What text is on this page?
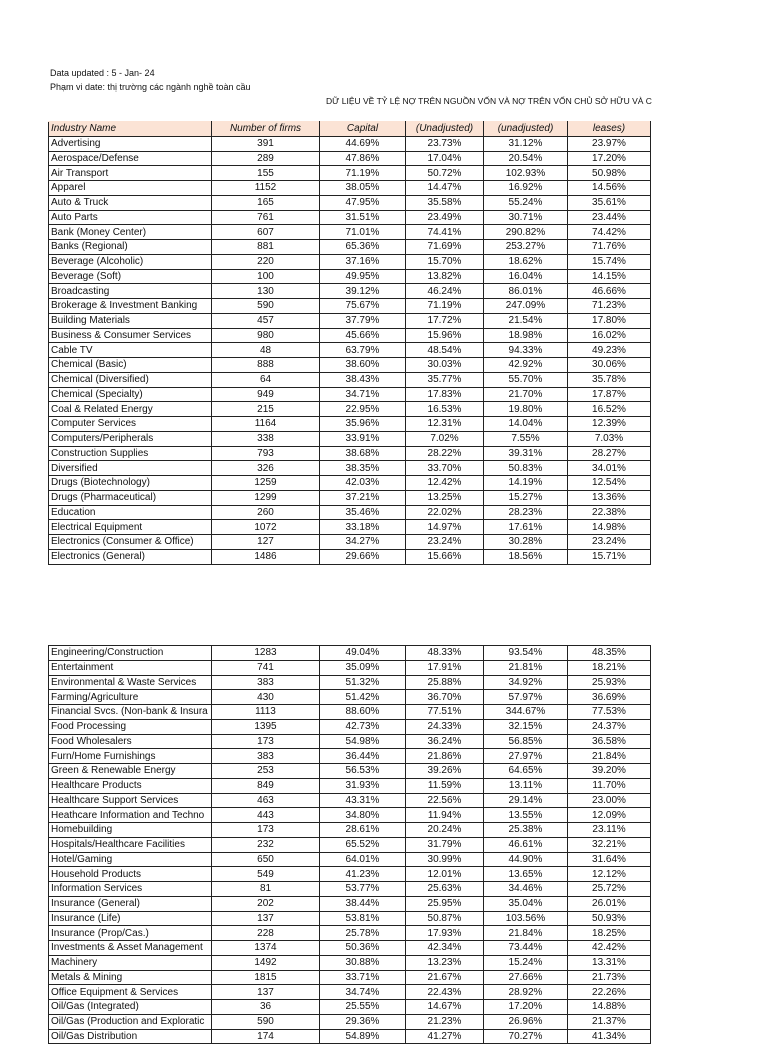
Data updated : 5 - Jan- 24
Phạm vi date: thị trường các ngành nghề toàn cầu
DỮ LIỆU VỀ TỶ LỆ NỢ TRÊN NGUỒN VỐN VÀ NỢ TRÊN VỐN CHỦ SỞ HỮU VÀ C
Industry Name	Number of firms	Capital	(Unadjusted)	(unadjusted)	leases)
Advertising	391	44.69%	23.73%	31.12%	23.97%
Aerospace/Defense	289	47.86%	17.04%	20.54%	17.20%
Air Transport	155	71.19%	50.72%	102.93%	50.98%
Apparel	1152	38.05%	14.47%	16.92%	14.56%
Auto & Truck	165	47.95%	35.58%	55.24%	35.61%
Auto Parts	761	31.51%	23.49%	30.71%	23.44%
Bank (Money Center)	607	71.01%	74.41%	290.82%	74.42%
Banks (Regional)	881	65.36%	71.69%	253.27%	71.76%
Beverage (Alcoholic)	220	37.16%	15.70%	18.62%	15.74%
Beverage (Soft)	100	49.95%	13.82%	16.04%	14.15%
Broadcasting	130	39.12%	46.24%	86.01%	46.66%
Brokerage & Investment Banking	590	75.67%	71.19%	247.09%	71.23%
Building Materials	457	37.79%	17.72%	21.54%	17.80%
Business & Consumer Services	980	45.66%	15.96%	18.98%	16.02%
Cable TV	48	63.79%	48.54%	94.33%	49.23%
Chemical (Basic)	888	38.60%	30.03%	42.92%	30.06%
Chemical (Diversified)	64	38.43%	35.77%	55.70%	35.78%
Chemical (Specialty)	949	34.71%	17.83%	21.70%	17.87%
Coal & Related Energy	215	22.95%	16.53%	19.80%	16.52%
Computer Services	1164	35.96%	12.31%	14.04%	12.39%
Computers/Peripherals	338	33.91%	7.02%	7.55%	7.03%
Construction Supplies	793	38.68%	28.22%	39.31%	28.27%
Diversified	326	38.35%	33.70%	50.83%	34.01%
Drugs (Biotechnology)	1259	42.03%	12.42%	14.19%	12.54%
Drugs (Pharmaceutical)	1299	37.21%	13.25%	15.27%	13.36%
Education	260	35.46%	22.02%	28.23%	22.38%
Electrical Equipment	1072	33.18%	14.97%	17.61%	14.98%
Electronics (Consumer & Office)	127	34.27%	23.24%	30.28%	23.24%
Electronics (General)	1486	29.66%	15.66%	18.56%	15.71%
Engineering/Construction	1283	49.04%	48.33%	93.54%	48.35%
Entertainment	741	35.09%	17.91%	21.81%	18.21%
Environmental & Waste Services	383	51.32%	25.88%	34.92%	25.93%
Farming/Agriculture	430	51.42%	36.70%	57.97%	36.69%
Financial Svcs. (Non-bank & Insura	1113	88.60%	77.51%	344.67%	77.53%
Food Processing	1395	42.73%	24.33%	32.15%	24.37%
Food Wholesalers	173	54.98%	36.24%	56.85%	36.58%
Furn/Home Furnishings	383	36.44%	21.86%	27.97%	21.84%
Green & Renewable Energy	253	56.53%	39.26%	64.65%	39.20%
Healthcare Products	849	31.93%	11.59%	13.11%	11.70%
Healthcare Support Services	463	43.31%	22.56%	29.14%	23.00%
Heathcare Information and Techno	443	34.80%	11.94%	13.55%	12.09%
Homebuilding	173	28.61%	20.24%	25.38%	23.11%
Hospitals/Healthcare Facilities	232	65.52%	31.79%	46.61%	32.21%
Hotel/Gaming	650	64.01%	30.99%	44.90%	31.64%
Household Products	549	41.23%	12.01%	13.65%	12.12%
Information Services	81	53.77%	25.63%	34.46%	25.72%
Insurance (General)	202	38.44%	25.95%	35.04%	26.01%
Insurance (Life)	137	53.81%	50.87%	103.56%	50.93%
Insurance (Prop/Cas.)	228	25.78%	17.93%	21.84%	18.25%
Investments & Asset Management	1374	50.36%	42.34%	73.44%	42.42%
Machinery	1492	30.88%	13.23%	15.24%	13.31%
Metals & Mining	1815	33.71%	21.67%	27.66%	21.73%
Office Equipment & Services	137	34.74%	22.43%	28.92%	22.26%
Oil/Gas (Integrated)	36	25.55%	14.67%	17.20%	14.88%
Oil/Gas (Production and Exploratic	590	29.36%	21.23%	26.96%	21.37%
Oil/Gas Distribution	174	54.89%	41.27%	70.27%	41.34%
